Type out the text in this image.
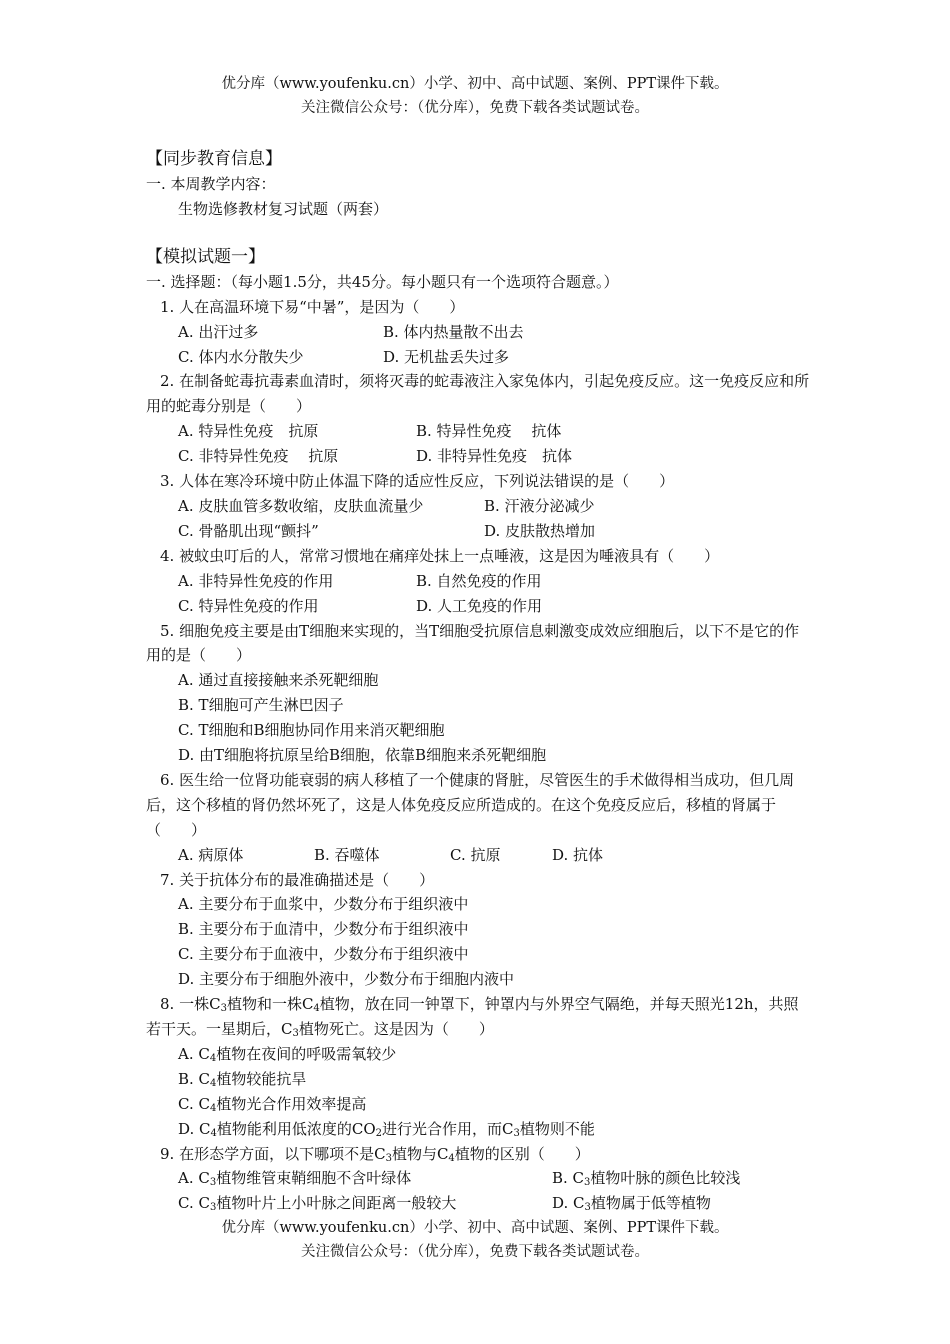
优分库（www.youfenku.cn）小学、初中、高中试题、案例、PPT课件下载。
关注微信公众号：（优分库），免费下载各类试题试卷。
【同步教育信息】
一. 本周教学内容：
生物选修教材复习试题（两套）
【模拟试题一】
一. 选择题：（每小题1.5分，共45分。每小题只有一个选项符合题意。）
1. 人在高温环境下易“中暑”，是因为（　　）
A. 出汗过多	B. 体内热量散不出去
C. 体内水分散失少	D. 无机盐丢失过多
2. 在制备蛇毒抗毒素血清时，须将灭毒的蛇毒液注入家兔体内，引起免疫反应。这一免疫反应和所用的蛇毒分别是（　　）
A. 特异性免疫　抗原	B. 特异性免疫　 抗体
C. 非特异性免疫　 抗原	D. 非特异性免疫　抗体
3. 人体在寒冷环境中防止体温下降的适应性反应，下列说法错误的是（　　）
A. 皮肤血管多数收缩，皮肤血流量少	B. 汗液分泌减少
C. 骨骼肌出现“颤抖”	D. 皮肤散热增加
4. 被蚊虫叮后的人，常常习惯地在痛痒处抹上一点唾液，这是因为唾液具有（　　）
A. 非特异性免疫的作用	B. 自然免疫的作用
C. 特异性免疫的作用	D. 人工免疫的作用
5. 细胞免疫主要是由T细胞来实现的，当T细胞受抗原信息刺激变成效应细胞后，以下不是它的作用的是（　　）
A. 通过直接接触来杀死靶细胞
B. T细胞可产生淋巴因子
C. T细胞和B细胞协同作用来消灭靶细胞
D. 由T细胞将抗原呈给B细胞，依靠B细胞来杀死靶细胞
6. 医生给一位肾功能衰弱的病人移植了一个健康的肾脏，尽管医生的手术做得相当成功，但几周后，这个移植的肾仍然坏死了，这是人体免疫反应所造成的。在这个免疫反应后，移植的肾属于（　　）
A. 病原体	B. 吞噬体	C. 抗原	D. 抗体
7. 关于抗体分布的最准确描述是（　　）
A. 主要分布于血浆中，少数分布于组织液中
B. 主要分布于血清中，少数分布于组织液中
C. 主要分布于血液中，少数分布于组织液中
D. 主要分布于细胞外液中，少数分布于细胞内液中
8. 一株$C_3$植物和一株$C_4$植物，放在同一钟罩下，钟罩内与外界空气隔绝，并每天照光12h，共照若干天。一星期后，$C_3$植物死亡。这是因为（　　）
A. $C_4$植物在夜间的呼吸需氧较少
B. $C_4$植物较能抗旱
C. $C_4$植物光合作用效率提高
D. $C_4$植物能利用低浓度的$CO_2$进行光合作用，而$C_3$植物则不能
9. 在形态学方面，以下哪项不是$C_3$植物与$C_4$植物的区别（　　）
A. $C_3$植物维管束鞘细胞不含叶绿体	B. $C_3$植物叶脉的颜色比较浅
C. $C_3$植物叶片上小叶脉之间距离一般较大	D. $C_3$植物属于低等植物
优分库（www.youfenku.cn）小学、初中、高中试题、案例、PPT课件下载。
关注微信公众号：（优分库），免费下载各类试题试卷。
